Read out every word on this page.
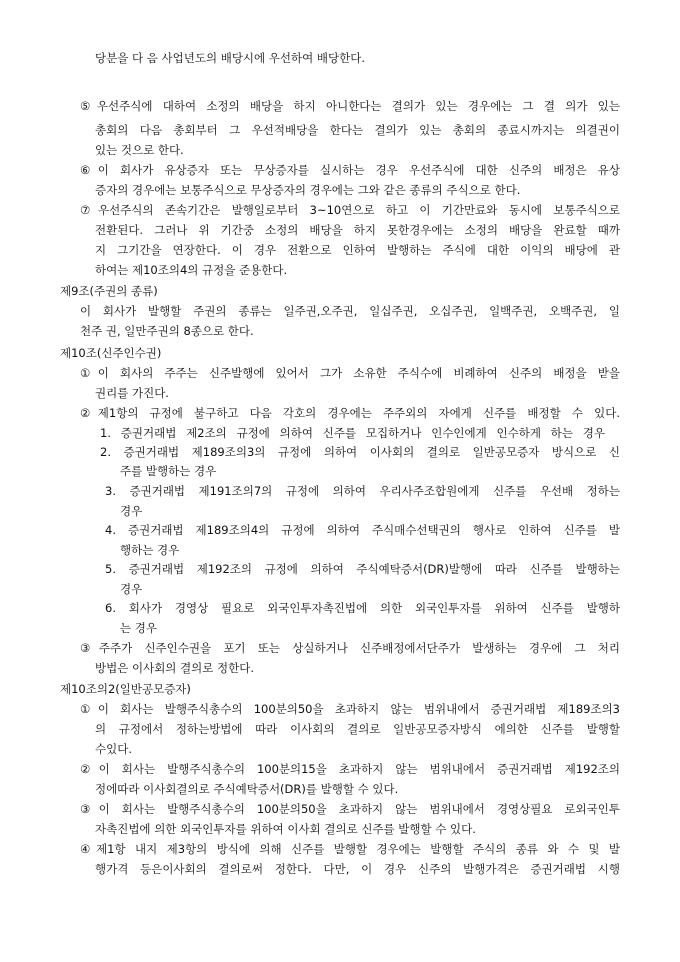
당분을 다 음 사업년도의 배당시에 우선하여 배당한다.
⑤우선주식에 대하여 소정의 배당을 하지 아니한다는 결의가 있는 경우에는 그 결 의가 있는
총회의 다음 총회부터 그 우선적배당을 한다는 결의가 있는 총회의 종료시까지는 의결권이
있는 것으로 한다.
⑥이 회사가 유상증자 또는 무상증자를 실시하는 경우 우선주식에 대한 신주의 배정은 유상
증자의 경우에는 보통주식으로 무상증자의 경우에는 그와 같은 종류의 주식으로 한다.
⑦우선주식의 존속기간은 발행일로부터 3~10연으로 하고 이 기간만료와 동시에 보통주식으로
전환된다. 그러나 위 기간중 소정의 배당을 하지 못한경우에는 소정의 배당을 완료할 때까
지 그기간을 연장한다. 이 경우 전환으로 인하여 발행하는 주식에 대한 이익의 배당에 관
하여는 제10조의4의 규정을 준용한다.
제9조(주권의 종류)
이 회사가 발행할 주권의 종류는 일주권,오주권, 일십주권, 오십주권, 일백주권, 오백주권, 일
천주 권, 일만주권의 8종으로 한다.
제10조(신주인수권)
①이 회사의 주주는 신주발행에 있어서 그가 소유한 주식수에 비례하여 신주의 배정을 받을
권리를 가진다.
②제1항의 규정에 불구하고 다음 각호의 경우에는 주주외의 자에게 신주를 배정할 수 있다.
1. 증권거래법 제2조의 규정에 의하여 신주를 모집하거나 인수인에게 인수하게 하는 경우
2. 증권거래법 제189조의3의 규정에 의하여 이사회의 결의로 일반공모증자 방식으로 신
주를 발행하는 경우
3. 증권거래법 제191조의7의 규정에 의하여 우리사주조합원에게 신주를 우선배 정하는
경우
4. 증권거래법 제189조의4의 규정에 의하여 주식매수선택권의 행사로 인하여 신주를 발
행하는 경우
5. 증권거래법 제192조의 규정에 의하여 주식예탁증서(DR)발행에 따라 신주를 발행하는
경우
6. 회사가 경영상 필요로 외국인투자촉진법에 의한 외국인투자를 위하여 신주를 발행하
는 경우
③주주가 신주인수권을 포기 또는 상실하거나 신주배정에서단주가 발생하는 경우에 그 처리
방법은 이사회의 결의로 정한다.
제10조의2(일반공모증자)
①이 회사는 발행주식총수의 100분의50을 초과하지 않는 범위내에서 증권거래법 제189조의3
의 규정에서 정하는방법에 따라 이사회의 결의로 일반공모증자방식 에의한 신주를 발행할
수있다.
②이 회사는 발행주식총수의 100분의15을 초과하지 않는 범위내에서 증권거래법 제192조의
정에따라 이사회결의로 주식예탁증서(DR)를 발행할 수 있다.
③이 회사는 발행주식총수의 100분의50을 초과하지 않는 범위내에서 경영상필요 로외국인투
자촉진법에 의한 외국인투자를 위하여 이사회 결의로 신주를 발행할 수 있다.
④제1항 내지 제3항의 방식에 의해 신주를 발행할 경우에는 발행할 주식의 종류 와 수 및 발
행가격 등은이사회의 결의로써 정한다. 다만, 이 경우 신주의 발행가격은 증권거래법 시행
